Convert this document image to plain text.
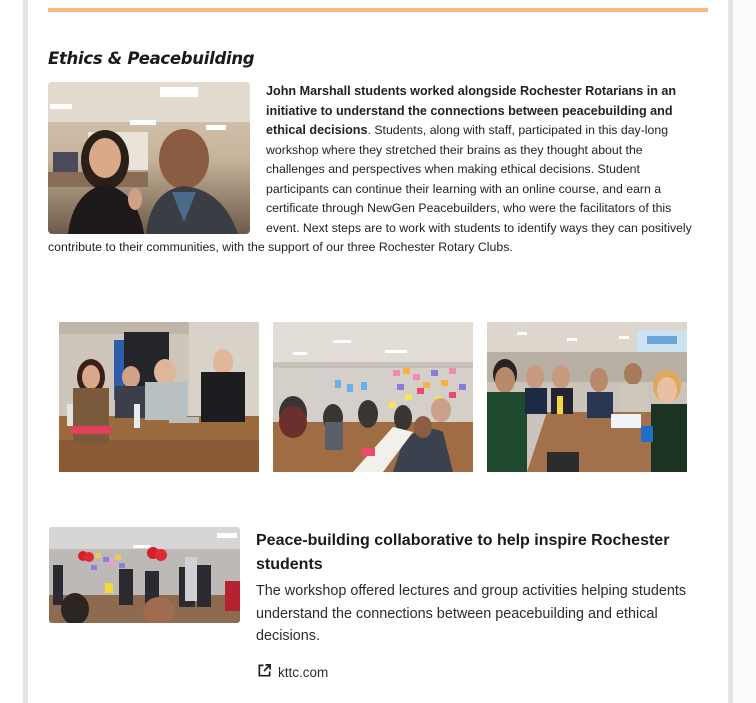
Ethics & Peacebuilding

John Marshall students worked alongside Rochester Rotarians in an initiative to understand the connections between peacebuilding and ethical decisions. Students, along with staff, participated in this day-long workshop where they stretched their brains as they thought about the challenges and perspectives when making ethical decisions. Student participants can continue their learning with an online course, and earn a certificate through NewGen Peacebuilders, who were the facilitators of this event. Next steps are to work with students to identify ways they can positively contribute to their communities, with the support of our three Rochester Rotary Clubs.

Peace-building collaborative to help inspire Rochester students

The workshop offered lectures and group activities helping students understand the connections between peacebuilding and ethical decisions.

kttc.com
